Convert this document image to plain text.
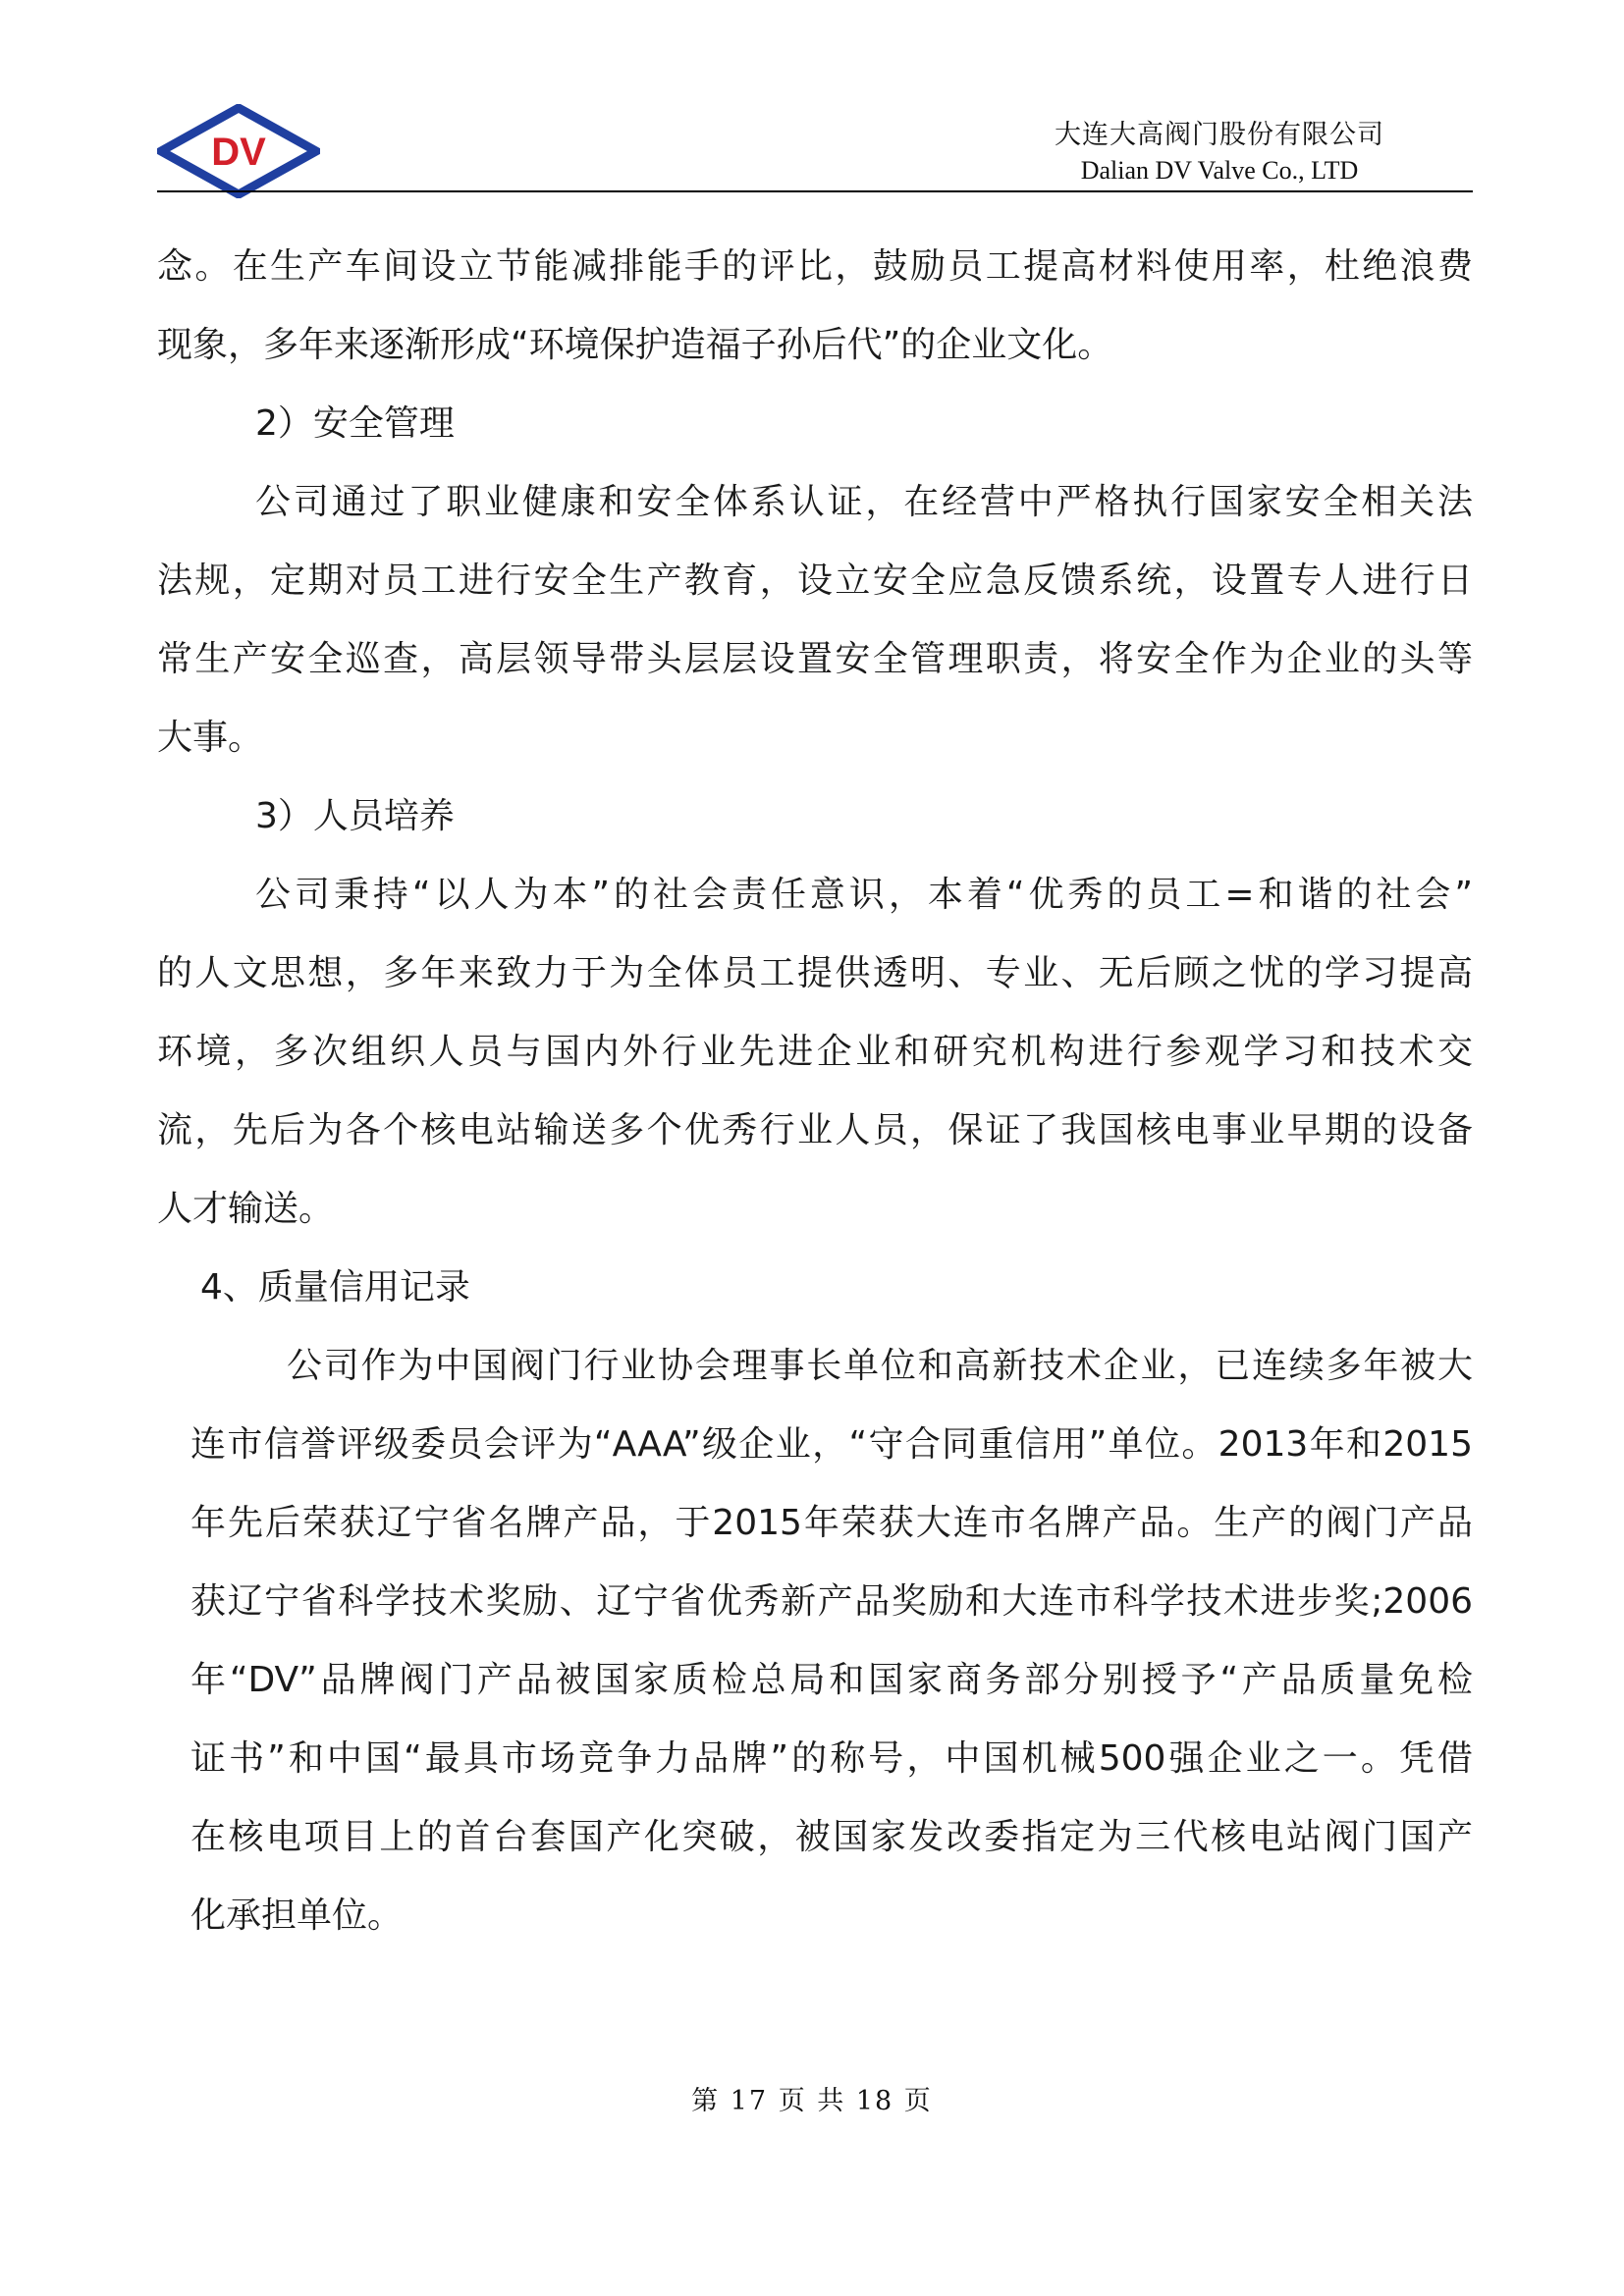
DV	大连大高阀门股份有限公司
Dalian DV Valve Co., LTD
念。在生产车间设立节能减排能手的评比，鼓励员工提高材料使用率，杜绝浪费
现象，多年来逐渐形成“环境保护造福子孙后代”的企业文化。
2）安全管理
公司通过了职业健康和安全体系认证，在经营中严格执行国家安全相关法
法规，定期对员工进行安全生产教育，设立安全应急反馈系统，设置专人进行日
常生产安全巡查，高层领导带头层层设置安全管理职责，将安全作为企业的头等
大事。
3）人员培养
公司秉持“以人为本”的社会责任意识，本着“优秀的员工=和谐的社会”
的人文思想，多年来致力于为全体员工提供透明、专业、无后顾之忧的学习提高
环境，多次组织人员与国内外行业先进企业和研究机构进行参观学习和技术交
流，先后为各个核电站输送多个优秀行业人员，保证了我国核电事业早期的设备
人才输送。
4、质量信用记录
公司作为中国阀门行业协会理事长单位和高新技术企业，已连续多年被大
连市信誉评级委员会评为“AAA”级企业，“守合同重信用”单位。2013年和2015
年先后荣获辽宁省名牌产品，于2015年荣获大连市名牌产品。生产的阀门产品
获辽宁省科学技术奖励、辽宁省优秀新产品奖励和大连市科学技术进步奖;2006
年“DV”品牌阀门产品被国家质检总局和国家商务部分别授予“产品质量免检
证书”和中国“最具市场竞争力品牌”的称号，中国机械500强企业之一。凭借
在核电项目上的首台套国产化突破，被国家发改委指定为三代核电站阀门国产
化承担单位。
第 17 页 共 18 页
